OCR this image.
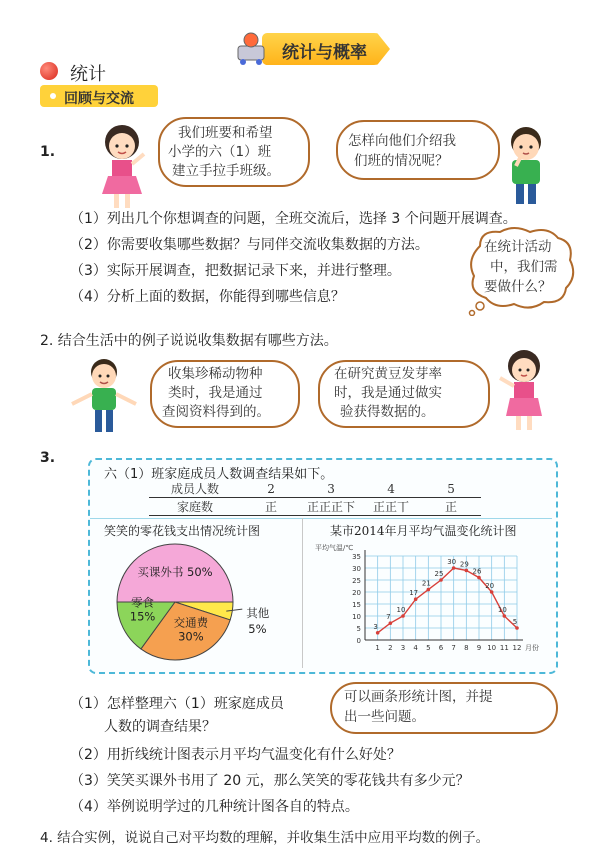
统计与概率
统计
回顾与交流
1.
我们班要和希望
小学的六（1）班
建立手拉手班级。
怎样向他们介绍我
们班的情况呢？
（1）列出几个你想调查的问题，全班交流后，选择 3 个问题开展调查。
（2）你需要收集哪些数据？与同伴交流收集数据的方法。
（3）实际开展调查，把数据记录下来，并进行整理。
（4）分析上面的数据，你能得到哪些信息？
在统计活动
中，我们需
要做什么？
2. 结合生活中的例子说说收集数据有哪些方法。
收集珍稀动物种
类时，我是通过
查阅资料得到的。
在研究黄豆发芽率
时，我是通过做实
验获得数据的。
3.
六（1）班家庭成员人数调查结果如下。
成员人数	2	3	4	5
家庭数	正	正正正下	正正丅	正
笑笑的零花钱支出情况统计图
买课外书 50%
交通费
30%
零食
15%	其他
5%
某市2014年月平均气温变化统计图
平均气温/℃
月份
0
5
10
15
20
25
30
35
1 2 3 4 5 6 7 8 9 10 11 12
3
7
10
17
21
25
30 29
26
20
10
5
（1）怎样整理六（1）班家庭成员
人数的调查结果？
（2）用折线统计图表示月平均气温变化有什么好处？
（3）笑笑买课外书用了 20 元，那么笑笑的零花钱共有多少元？
（4）举例说明学过的几种统计图各自的特点。
可以画条形统计图，并提
出一些问题。
4. 结合实例，说说自己对平均数的理解，并收集生活中应用平均数的例子。
